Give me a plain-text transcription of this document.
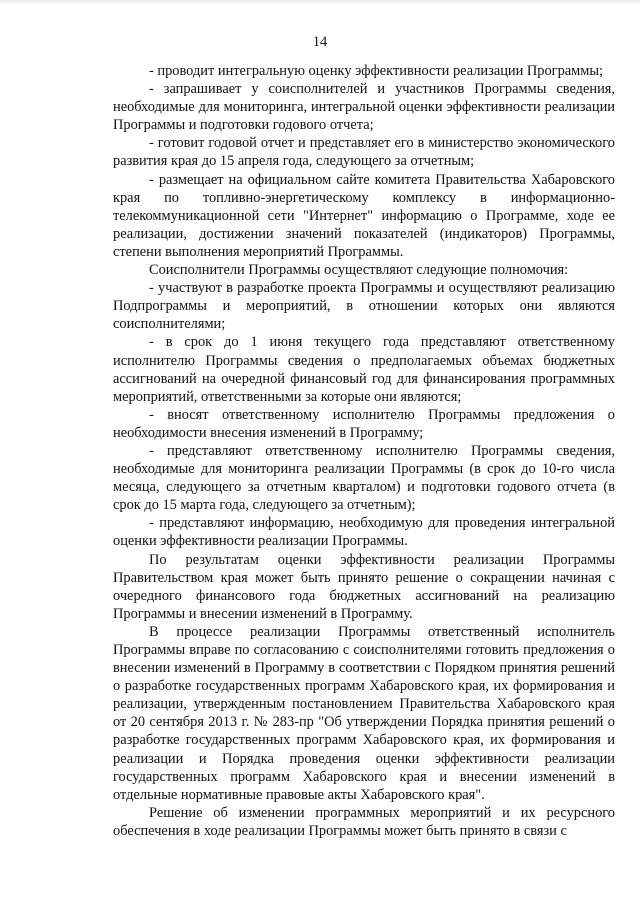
14

- проводит интегральную оценку эффективности реализации Программы;

- запрашивает у соисполнителей и участников Программы сведения, необходимые для мониторинга, интегральной оценки эффективности реализации Программы и подготовки годового отчета;

- готовит годовой отчет и представляет его в министерство экономического развития края до 15 апреля года, следующего за отчетным;

- размещает на официальном сайте комитета Правительства Хабаровского края по топливно-энергетическому комплексу в информационно-телекоммуникационной сети "Интернет" информацию о Программе, ходе ее реализации, достижении значений показателей (индикаторов) Программы, степени выполнения мероприятий Программы.

Соисполнители Программы осуществляют следующие полномочия:

- участвуют в разработке проекта Программы и осуществляют реализацию Подпрограммы и мероприятий, в отношении которых они являются соисполнителями;

- в срок до 1 июня текущего года представляют ответственному исполнителю Программы сведения о предполагаемых объемах бюджетных ассигнований на очередной финансовый год для финансирования программных мероприятий, ответственными за которые они являются;

- вносят ответственному исполнителю Программы предложения о необходимости внесения изменений в Программу;

- представляют ответственному исполнителю Программы сведения, необходимые для мониторинга реализации Программы (в срок до 10-го числа месяца, следующего за отчетным кварталом) и подготовки годового отчета (в срок до 15 марта года, следующего за отчетным);

- представляют информацию, необходимую для проведения интегральной оценки эффективности реализации Программы.

По результатам оценки эффективности реализации Программы Правительством края может быть принято решение о сокращении начиная с очередного финансового года бюджетных ассигнований на реализацию Программы и внесении изменений в Программу.

В процессе реализации Программы ответственный исполнитель Программы вправе по согласованию с соисполнителями готовить предложения о внесении изменений в Программу в соответствии с Порядком принятия решений о разработке государственных программ Хабаровского края, их формирования и реализации, утвержденным постановлением Правительства Хабаровского края от 20 сентября 2013 г. № 283-пр "Об утверждении Порядка принятия решений о разработке государственных программ Хабаровского края, их формирования и реализации и Порядка проведения оценки эффективности реализации государственных программ Хабаровского края и внесении изменений в отдельные нормативные правовые акты Хабаровского края".

Решение об изменении программных мероприятий и их ресурсного обеспечения в ходе реализации Программы может быть принято в связи с
